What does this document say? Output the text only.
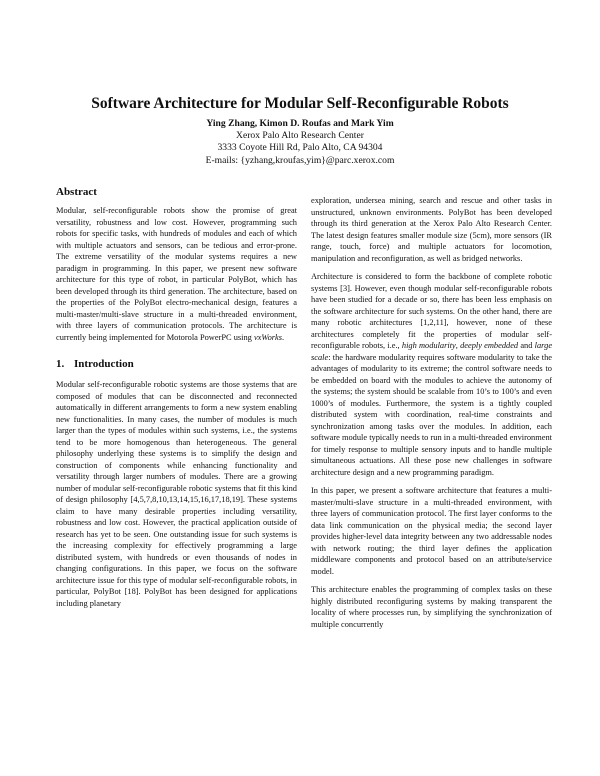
Software Architecture for Modular Self-Reconfigurable Robots
Ying Zhang, Kimon D. Roufas and Mark Yim
Xerox Palo Alto Research Center
3333 Coyote Hill Rd, Palo Alto, CA 94304
E-mails: {yzhang,kroufas,yim}@parc.xerox.com
Abstract

Modular, self-reconfigurable robots show the promise of great versatility, robustness and low cost. However, programming such robots for specific tasks, with hundreds of modules and each of which with multiple actuators and sensors, can be tedious and error-prone. The extreme versatility of the modular systems requires a new paradigm in programming. In this paper, we present new software architecture for this type of robot, in particular PolyBot, which has been developed through its third generation. The architecture, based on the properties of the PolyBot electro-mechanical design, features a multi-master/multi-slave structure in a multi-threaded environment, with three layers of communication protocols. The architecture is currently being implemented for Motorola PowerPC using vxWorks.

1. Introduction

Modular self-reconfigurable robotic systems are those systems that are composed of modules that can be disconnected and reconnected automatically in different arrangements to form a new system enabling new functionalities. In many cases, the number of modules is much larger than the types of modules within such systems, i.e., the systems tend to be more homogenous than heterogeneous. The general philosophy underlying these systems is to simplify the design and construction of components while enhancing functionality and versatility through larger numbers of modules. There are a growing number of modular self-reconfigurable robotic systems that fit this kind of design philosophy [4,5,7,8,10,13,14,15,16,17,18,19]. These systems claim to have many desirable properties including versatility, robustness and low cost. However, the practical application outside of research has yet to be seen. One outstanding issue for such systems is the increasing complexity for effectively programming a large distributed system, with hundreds or even thousands of nodes in changing configurations. In this paper, we focus on the software architecture issue for this type of modular self-reconfigurable robots, in particular, PolyBot [18]. PolyBot has been designed for applications including planetary

exploration, undersea mining, search and rescue and other tasks in unstructured, unknown environments. PolyBot has been developed through its third generation at the Xerox Palo Alto Research Center. The latest design features smaller module size (5cm), more sensors (IR range, touch, force) and multiple actuators for locomotion, manipulation and reconfiguration, as well as bridged networks.

Architecture is considered to form the backbone of complete robotic systems [3]. However, even though modular self-reconfigurable robots have been studied for a decade or so, there has been less emphasis on the software architecture for such systems. On the other hand, there are many robotic architectures [1,2,11], however, none of these architectures completely fit the properties of modular self-reconfigurable robots, i.e., high modularity, deeply embedded and large scale: the hardware modularity requires software modularity to take the advantages of modularity to its extreme; the control software needs to be embedded on board with the modules to achieve the autonomy of the systems; the system should be scalable from 10’s to 100’s and even 1000’s of modules. Furthermore, the system is a tightly coupled distributed system with coordination, real-time constraints and synchronization among tasks over the modules. In addition, each software module typically needs to run in a multi-threaded environment for timely response to multiple sensory inputs and to handle multiple simultaneous actuations. All these pose new challenges in software architecture design and a new programming paradigm.

In this paper, we present a software architecture that features a multi-master/multi-slave structure in a multi-threaded environment, with three layers of communication protocol. The first layer conforms to the data link communication on the physical media; the second layer provides higher-level data integrity between any two addressable nodes with network routing; the third layer defines the application middleware components and protocol based on an attribute/service model.

This architecture enables the programming of complex tasks on these highly distributed reconfiguring systems by making transparent the locality of where processes run, by simplifying the synchronization of multiple concurrently
